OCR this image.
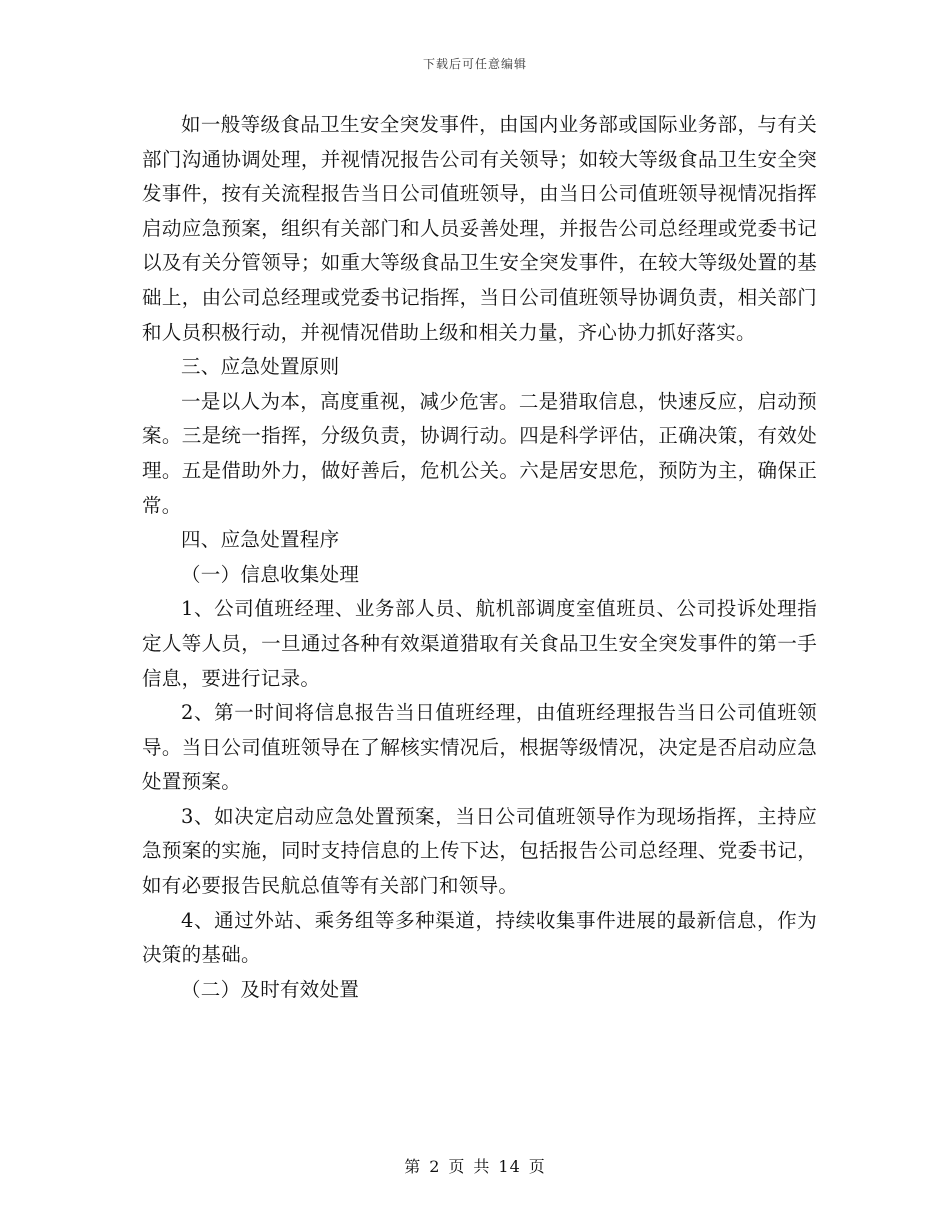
下载后可任意编辑

如一般等级食品卫生安全突发事件，由国内业务部或国际业务部，与有关部门沟通协调处理，并视情况报告公司有关领导；如较大等级食品卫生安全突发事件，按有关流程报告当日公司值班领导，由当日公司值班领导视情况指挥启动应急预案，组织有关部门和人员妥善处理，并报告公司总经理或党委书记以及有关分管领导；如重大等级食品卫生安全突发事件，在较大等级处置的基础上，由公司总经理或党委书记指挥，当日公司值班领导协调负责，相关部门和人员积极行动，并视情况借助上级和相关力量，齐心协力抓好落实。

三、应急处置原则

一是以人为本，高度重视，减少危害。二是猎取信息，快速反应，启动预案。三是统一指挥，分级负责，协调行动。四是科学评估，正确决策，有效处理。五是借助外力，做好善后，危机公关。六是居安思危，预防为主，确保正常。

四、应急处置程序

（一）信息收集处理

1、公司值班经理、业务部人员、航机部调度室值班员、公司投诉处理指定人等人员，一旦通过各种有效渠道猎取有关食品卫生安全突发事件的第一手信息，要进行记录。

2、第一时间将信息报告当日值班经理，由值班经理报告当日公司值班领导。当日公司值班领导在了解核实情况后，根据等级情况，决定是否启动应急处置预案。

3、如决定启动应急处置预案，当日公司值班领导作为现场指挥，主持应急预案的实施，同时支持信息的上传下达，包括报告公司总经理、党委书记，如有必要报告民航总值等有关部门和领导。

4、通过外站、乘务组等多种渠道，持续收集事件进展的最新信息，作为决策的基础。

（二）及时有效处置

第 2 页 共 14 页
